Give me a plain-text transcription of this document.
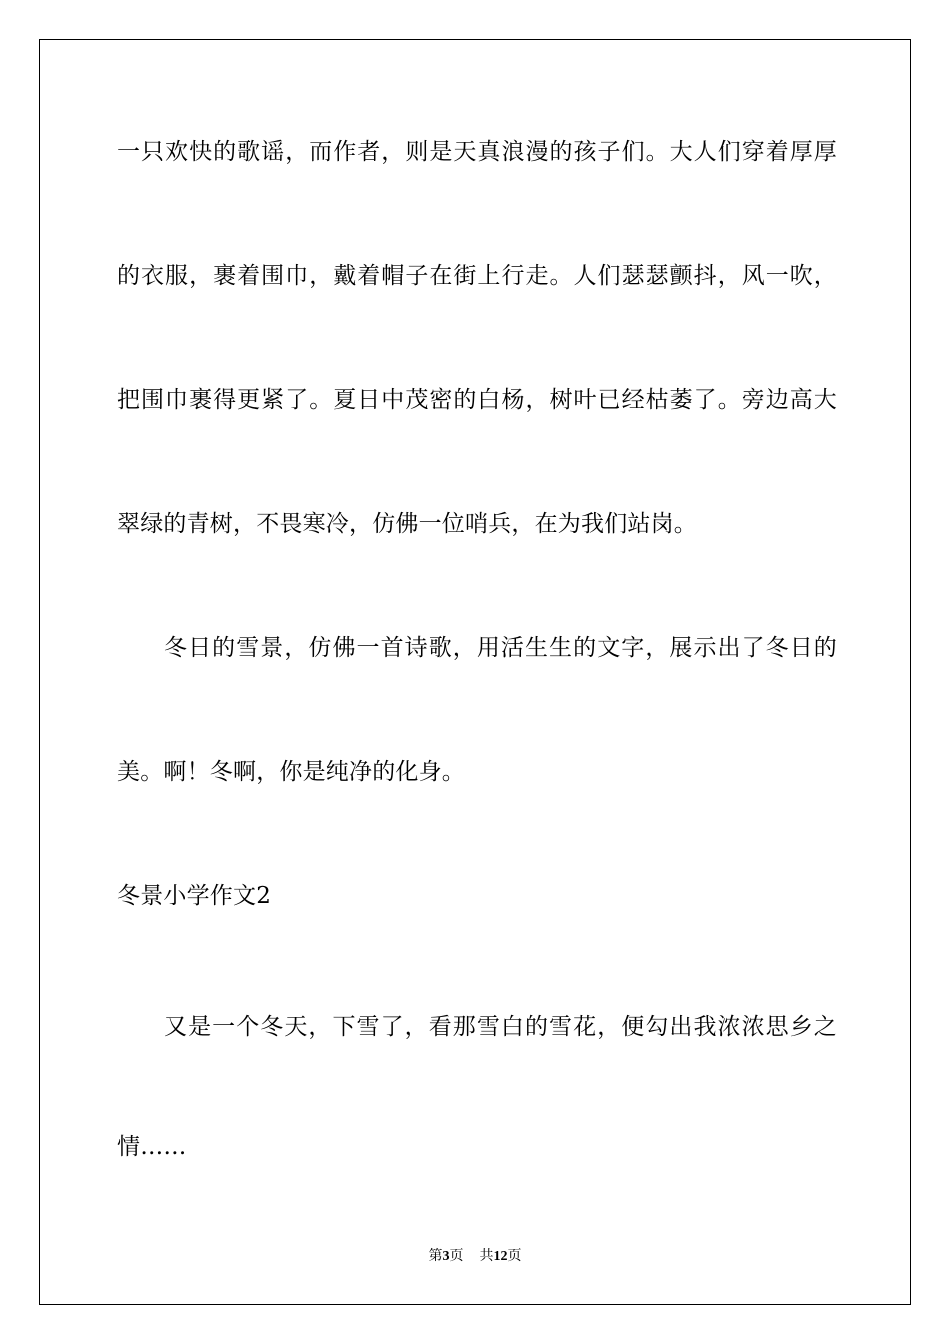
一只欢快的歌谣，而作者，则是天真浪漫的孩子们。大人们穿着厚厚
的衣服，裹着围巾，戴着帽子在街上行走。人们瑟瑟颤抖，风一吹，
把围巾裹得更紧了。夏日中茂密的白杨，树叶已经枯萎了。旁边高大
翠绿的青树，不畏寒冷，仿佛一位哨兵，在为我们站岗。
冬日的雪景，仿佛一首诗歌，用活生生的文字，展示出了冬日的
美。啊！冬啊，你是纯净的化身。
冬景小学作文2
又是一个冬天，下雪了，看那雪白的雪花，便勾出我浓浓思乡之
情……
第3页 共12页
